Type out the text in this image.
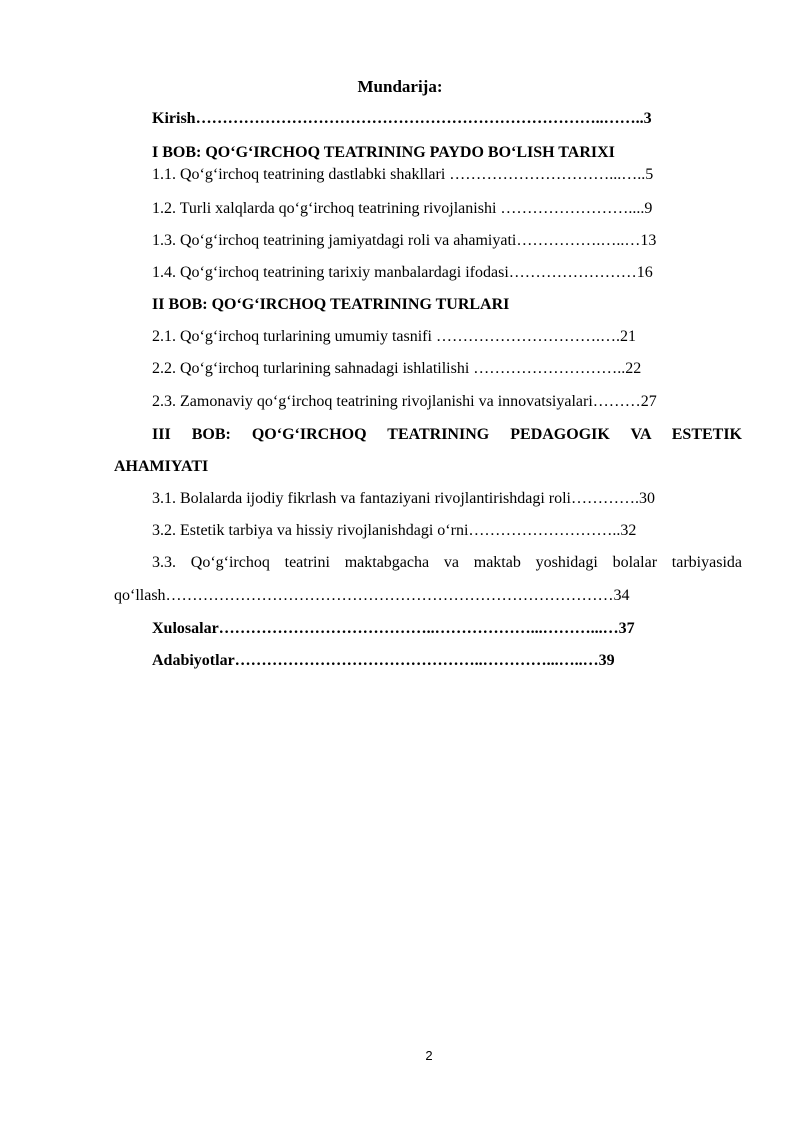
Mundarija:
Kirish…………………………………………………………………..……..3
I BOB: QO‘G‘IRCHOQ TEATRINING PAYDO BO‘LISH TARIXI
1.1. Qo‘g‘irchoq teatrining dastlabki shakllari …………………………...…..5
1.2. Turli xalqlarda qo‘g‘irchoq teatrining rivojlanishi ……………………....9
1.3. Qo‘g‘irchoq teatrining jamiyatdagi roli va ahamiyati…………….…..…13
1.4. Qo‘g‘irchoq teatrining tarixiy manbalardagi ifodasi……………………16
II BOB: QO‘G‘IRCHOQ TEATRINING TURLARI
2.1. Qo‘g‘irchoq turlarining umumiy tasnifi ………………………….….21
2.2. Qo‘g‘irchoq turlarining sahnadagi ishlatilishi ………………………..22
2.3. Zamonaviy qo‘g‘irchoq teatrining rivojlanishi va innovatsiyalari………27
III BOB: QO‘G‘IRCHOQ TEATRINING PEDAGOGIK VA ESTETIK
AHAMIYATI
3.1. Bolalarda ijodiy fikrlash va fantaziyani rivojlantirishdagi roli………….30
3.2. Estetik tarbiya va hissiy rivojlanishdagi o‘rni………………………..32
3.3. Qo‘g‘irchoq teatrini maktabgacha va maktab yoshidagi bolalar tarbiyasida
qo‘llash…………………………………………………………………………34
Xulosalar…………………………………..………………...………...…37
Adabiyotlar………………………………………..…………...…..…39
2
